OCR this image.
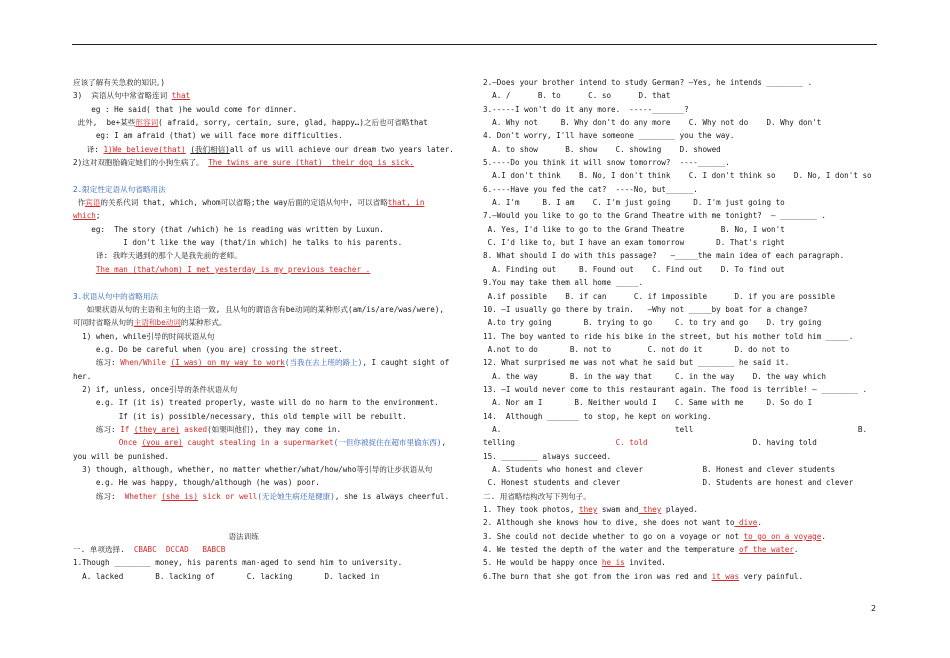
应该了解有关急救的知识。)
3)  宾语从句中常省略连词 that
eg : He said( that )he would come for dinner.
此外,  be+某些形容词( afraid, sorry, certain, sure, glad, happy…)之后也可省略that
eg: I am afraid (that) we will face more difficulties.
译: 1)We believe(that) (我们相信)all of us will achieve our dream two years later.
2)这对双胞胎确定她们的小狗生病了。 The twins are sure (that)  their dog is sick.
2.限定性定语从句省略用法
作宾语的关系代词 that, which, whom可以省略;the way后面的定语从句中, 可以省略that, in
which;
eg:  The story (that /which) he is reading was written by Luxun.
I don't like the way (that/in which) he talks to his parents.
译: 我昨天遇到的那个人是我先前的老师。
The man (that/whom) I met yesterday is my previous teacher .
3.状语从句中的省略用法
如果状语从句的主语和主句的主语一致, 且从句的谓语含有be动词的某种形式(am/is/are/was/were),
可同时省略从句的主语和be动词的某种形式。
1) when, while引导的时间状语从句
e.g. Do be careful when (you are) crossing the street.
练习: When/While (I was) on my way to work(当我在去上班的路上), I caught sight of
her.
2) if, unless, once引导的条件状语从句
e.g. If (it is) treated properly, waste will do no harm to the environment.
If (it is) possible/necessary, this old temple will be rebuilt.
练习: If (they are) asked(如果叫他们), they may come in.
Once (you are) caught stealing in a supermarket(一但你被捉住在超市里偷东西),
you will be punished.
3) though, although, whether, no matter whether/what/how/who等引导的让步状语从句
e.g. He was happy, though/although (he was) poor.
练习:  Whether (she is) sick or well(无论她生病还是健康), she is always cheerful.
语法训练
一. 单项选择.  CBABC  DCCAD   BABCB
1.Though ________ money, his parents man-aged to send him to university.
A. lacked       B. lacking of       C. lacking       D. lacked in
2.—Does your brother intend to study German? —Yes, he intends ________ .
A. /      B. to      C. so      D. that
3.-----I won't do it any more.  -----_______?
A. Why not     B. Why don't do any more    C. Why not do    D. Why don't
4. Don't worry, I'll have someone ________ you the way.
A. to show      B. show    C. showing    D. showed
5.----Do you think it will snow tomorrow?  ----______.
A.I don't think    B. No, I don't think    C. I don't think so    D. No, I don't so
6.----Have you fed the cat?  ----No, but______.
A. I'm     B. I am    C. I'm just going     D. I'm just going to
7.—Would you like to go to the Grand Theatre with me tonight?  — ________ .
A. Yes, I'd like to go to the Grand Theatre        B. No, I won't
C. I'd like to, but I have an exam tomorrow       D. That's right
8. What should I do with this passage?   —_____the main idea of each paragraph.
A. Finding out     B. Found out    C. Find out    D. To find out
9.You may take them all home _____.
A.if possible    B. if can      C. if impossible      D. if you are possible
10. —I usually go there by train.   —Why not _____by boat for a change?
A.to try going       B. trying to go     C. to try and go    D. try going
11. The boy wanted to ride his bike in the street, but his mother told him _____.
A.not to do       B. not to        C. not do it       D. do not to
12. What surprised me was not what he said but ________ he said it.
A. the way       B. in the way that     C. in the way    D. the way which
13. —I would never come to this restaurant again. The food is terrible! — ________ .
A. Nor am I       B. Neither would I    C. Same with me     D. So do I
14.  Although _______ to stop, he kept on working.
A.                                      tell                                    B.
telling                      C. told                       D. having told
15. ________ always succeed.
A. Students who honest and clever             B. Honest and clever students
C. Honest students and clever                  D. Students are honest and clever
二. 用省略结构改写下列句子。
1. They took photos, they swam and they played.
2. Although she knows how to dive, she does not want to dive.
3. She could not decide whether to go on a voyage or not to go on a voyage.
4. We tested the depth of the water and the temperature of the water.
5. He would be happy once he is invited.
6.The burn that she got from the iron was red and it was very painful.
2
